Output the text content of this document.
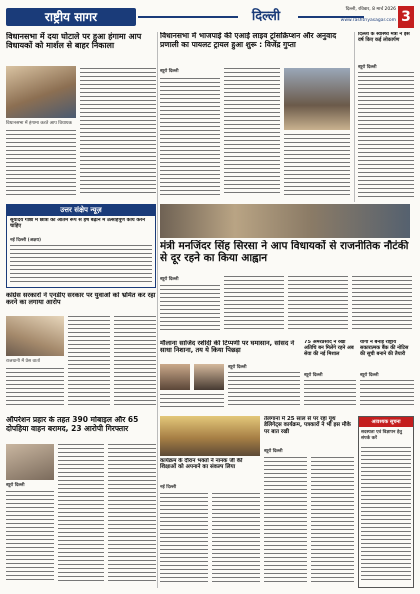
राष्ट्रीय सागर	दिल्ली	दिल्ली, रविवार, 8 मार्च 2026
www.rashtriyasagar.com 3
विधानसभा में दया घोटाले पर हुआ हंगामा आप विधायकों को मार्शल से बाहर निकाला
विधानसभा में हंगामा करते आप विधायक
विधानसभा में भाजपाई की एआई लाइव ट्रांसक्रिप्शन और अनुवाद प्रणाली का पायलट ट्रायल हुआ शुरू : विजेंद्र गुप्ता
ब्यूरो दिल्ली
दिल्ली के स्वास्थ्य मंत्री ने इस वर्ष किए कई लोकार्पण
ब्यूरो दिल्ली
उत्तर संक्षेप न्यूज़
सूर्योदय गोष्ठी में छात्रों को अंतिम रूप से हर्ष बढ़ाने में उत्साहपूर्ण कार्य करने चाहिए
नई दिल्ली (अक्षय)	मंत्री मनजिंदर सिंह सिरसा ने आप विधायकों से राजनीतिक नौटंकी से दूर रहने का किया आह्वान
ब्यूरो दिल्ली
कांग्रेस सरकारों ने एनडीए सरकार पर युवाओं को भ्रमित कर रहा करने का लगाया आरोप
राजधानी में प्रेस वार्ता
मौलाना साजिद रशीदी की टिप्पणी पर घमासान, सांसद ने साधा निशाना, तय ये किया पिछड़ा
ब्यूरो दिल्ली
75 अमरप्रसाद ने रखी अतिथि बन मिलेंगे रहने अब सेवा की नई मिशाल
ब्यूरो दिल्ली
योगी ने बनाई राष्ट्रीय सकारात्मक बैंक की नोटिस की सूची बनाने की तैयारी
ब्यूरो दिल्ली
ऑपरेशन प्रहार के तहत 390 मोबाइल और 65 दोपहिया वाहन बरामद, 23 आरोपी गिरफ्तार
ब्यूरो दिल्ली
कार्यक्रम के दौरान भक्तों ने नानक जी की शिक्षाओं को अपनाने का संकल्प लिया
नई दिल्ली
तेलंगाना में 25 साल से पर रहा यूथ डेलिगेट्स कार्यक्रम, पत्रकारों ने भी इस मौके पर बात रखी
ब्यूरो दिल्ली
आवश्यक सूचना
सदस्यता एवं विज्ञापन हेतु संपर्क करें
